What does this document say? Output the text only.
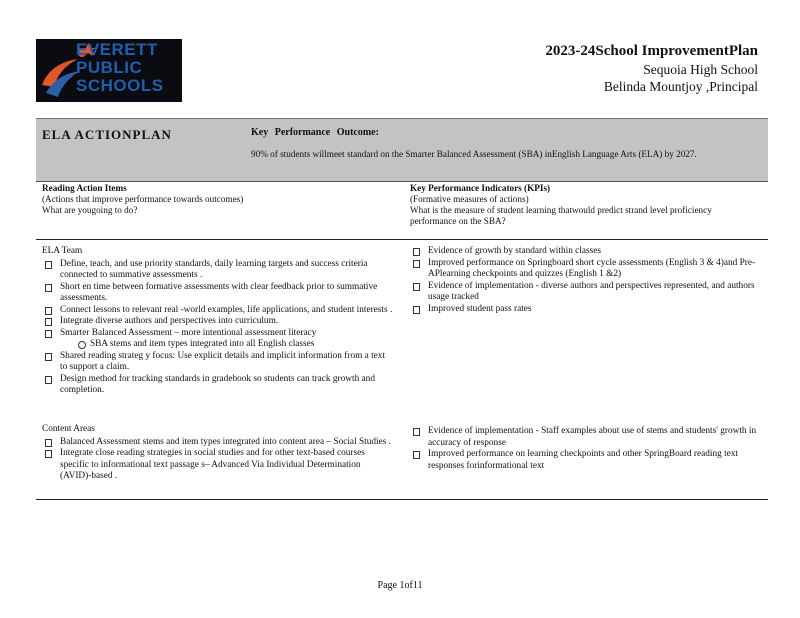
EVERETT
PUBLIC
SCHOOLS
2023-24School ImprovementPlan
Sequoia High School
Belinda Mountjoy ,Principal
ELA ACTIONPLAN	Key Performance Outcome:
90% of students willmeet standard on the Smarter Balanced Assessment (SBA) inEnglish Language Arts (ELA) by 2027.
Reading Action Items
(Actions that improve performance towards outcomes)
What are yougoing to do?
Key Performance Indicators (KPIs)
(Formative measures of actions)
What is the measure of student learning thatwould predict strand level proficiency performance on the SBA?
ELA Team
Define, teach, and use priority standards, daily learning targets and success criteria connected to summative assessments .
Short en time between formative assessments with clear feedback prior to summative assessments.
Connect lessons to relevant real -world examples, life applications, and student interests .
Integrate diverse authors and perspectives into curriculum.
Smarter Balanced Assessment – more intentional assessment literacy
SBA stems and item types integrated into all English classes
Shared reading strateg y focus: Use explicit details and implicit information from a text to support a claim.
Design method for tracking standards in gradebook so students can track growth and completion.
Evidence of growth by standard within classes
Improved performance on Springboard short cycle assessments (English 3 & 4)and Pre-APlearning checkpoints and quizzes (English 1 &2)
Evidence of implementation - diverse authors and perspectives represented, and authors usage tracked
Improved student pass rates
Content Areas
Balanced Assessment stems and item types integrated into content area – Social Studies .
Integrate close reading strategies in social studies and for other text-based courses specific to informational text passage s– Advanced Via Individual Determination (AVID)-based .
Evidence of implementation - Staff examples about use of stems and students' growth in accuracy of response
Improved performance on learning checkpoints and other SpringBoard reading text responses forinformational text
Page 1of11
